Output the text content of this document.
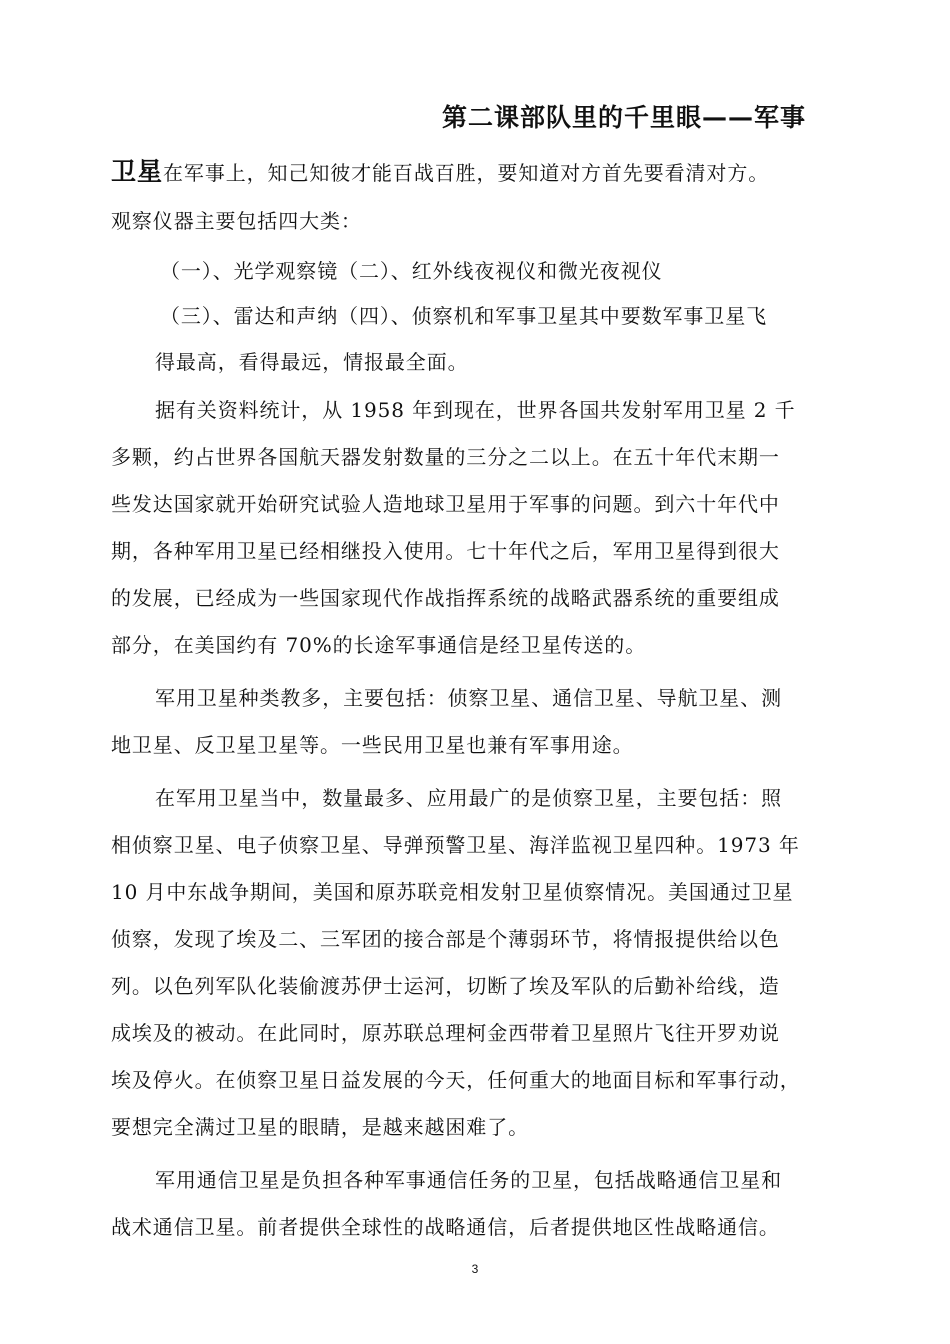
第二课部队里的千里眼——军事
卫星在军事上，知己知彼才能百战百胜，要知道对方首先要看清对方。
观察仪器主要包括四大类：
（一）、光学观察镜（二）、红外线夜视仪和微光夜视仪
（三）、雷达和声纳（四）、侦察机和军事卫星其中要数军事卫星飞
得最高，看得最远，情报最全面。
据有关资料统计，从 1958 年到现在，世界各国共发射军用卫星 2 千
多颗，约占世界各国航天器发射数量的三分之二以上。在五十年代末期一
些发达国家就开始研究试验人造地球卫星用于军事的问题。到六十年代中
期，各种军用卫星已经相继投入使用。七十年代之后，军用卫星得到很大
的发展，已经成为一些国家现代作战指挥系统的战略武器系统的重要组成
部分，在美国约有 70%的长途军事通信是经卫星传送的。
军用卫星种类教多，主要包括：侦察卫星、通信卫星、导航卫星、测
地卫星、反卫星卫星等。一些民用卫星也兼有军事用途。
在军用卫星当中，数量最多、应用最广的是侦察卫星，主要包括：照
相侦察卫星、电子侦察卫星、导弹预警卫星、海洋监视卫星四种。1973 年
10 月中东战争期间，美国和原苏联竞相发射卫星侦察情况。美国通过卫星
侦察，发现了埃及二、三军团的接合部是个薄弱环节，将情报提供给以色
列。以色列军队化装偷渡苏伊士运河，切断了埃及军队的后勤补给线，造
成埃及的被动。在此同时，原苏联总理柯金西带着卫星照片飞往开罗劝说
埃及停火。在侦察卫星日益发展的今天，任何重大的地面目标和军事行动，
要想完全满过卫星的眼睛，是越来越困难了。
军用通信卫星是负担各种军事通信任务的卫星，包括战略通信卫星和
战术通信卫星。前者提供全球性的战略通信，后者提供地区性战略通信。
3
